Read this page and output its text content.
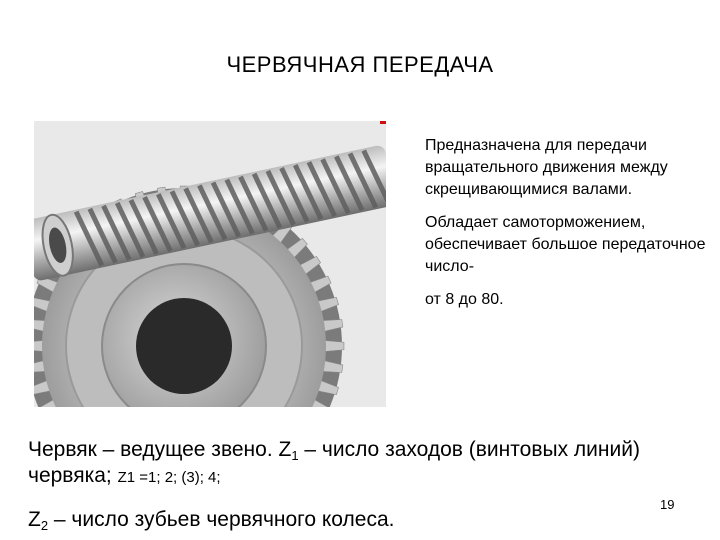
ЧЕРВЯЧНАЯ ПЕРЕДАЧА

Предназначена для передачи вращательного движения между скрещивающимися валами.

Обладает самоторможением, обеспечивает большое передаточное число-

от 8 до 80.

Червяк – ведущее звено. $Z_1$ – число заходов (винтовых линий) червяка; Z1 =1; 2; (3); 4;
$Z_2$ – число зубьев червячного колеса.
19
